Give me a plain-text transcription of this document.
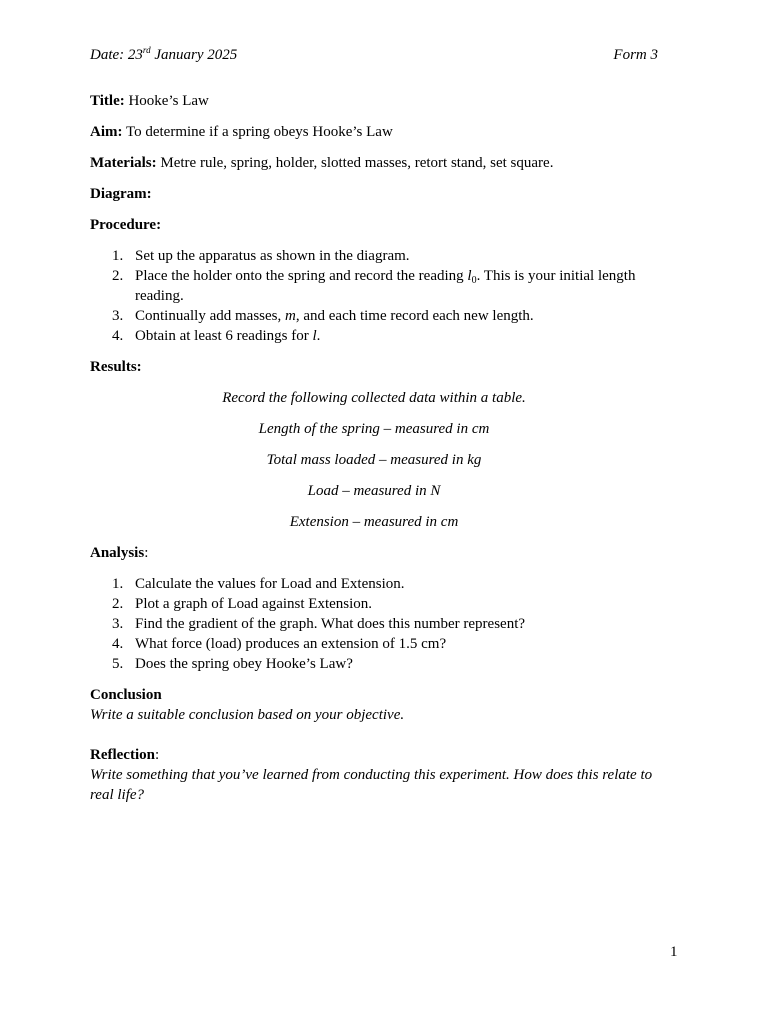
Date: 23rd January 2025	Form 3

Title: Hooke’s Law

Aim: To determine if a spring obeys Hooke’s Law

Materials: Metre rule, spring, holder, slotted masses, retort stand, set square.

Diagram:

Procedure:

1. Set up the apparatus as shown in the diagram.
2. Place the holder onto the spring and record the reading $l_0$. This is your initial length reading.
3. Continually add masses, m, and each time record each new length.
4. Obtain at least 6 readings for l.

Results:

Record the following collected data within a table.

Length of the spring – measured in cm

Total mass loaded – measured in kg

Load – measured in N

Extension – measured in cm

Analysis:

1. Calculate the values for Load and Extension.
2. Plot a graph of Load against Extension.
3. Find the gradient of the graph. What does this number represent?
4. What force (load) produces an extension of 1.5 cm?
5. Does the spring obey Hooke’s Law?
Conclusion
Write a suitable conclusion based on your objective.
Reflection:
Write something that you’ve learned from conducting this experiment. How does this relate to real life?
1
